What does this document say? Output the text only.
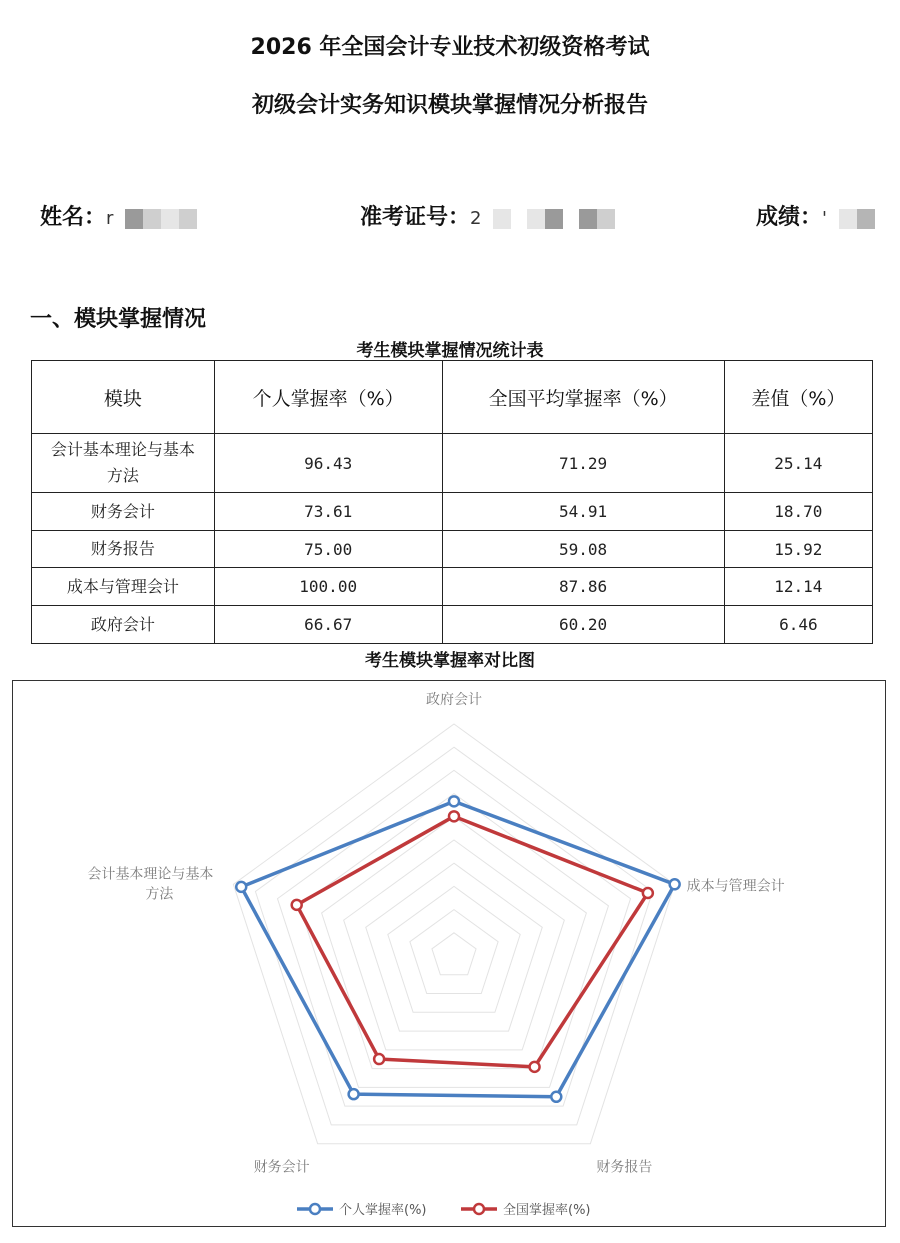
2026 年全国会计专业技术初级资格考试
初级会计实务知识模块掌握情况分析报告
姓名：r	准考证号：2	成绩：'
一、模块掌握情况
考生模块掌握情况统计表
模块	个人掌握率（%）	全国平均掌握率（%）	差值（%）
会计基本理论与基本方法	96.43	71.29	25.14
财务会计	73.61	54.91	18.70
财务报告	75.00	59.08	15.92
成本与管理会计	100.00	87.86	12.14
政府会计	66.67	60.20	6.46
考生模块掌握率对比图
政府会计
成本与管理会计
财务报告
财务会计
会计基本理论与基本方法
个人掌握率(%)	全国掌握率(%)
